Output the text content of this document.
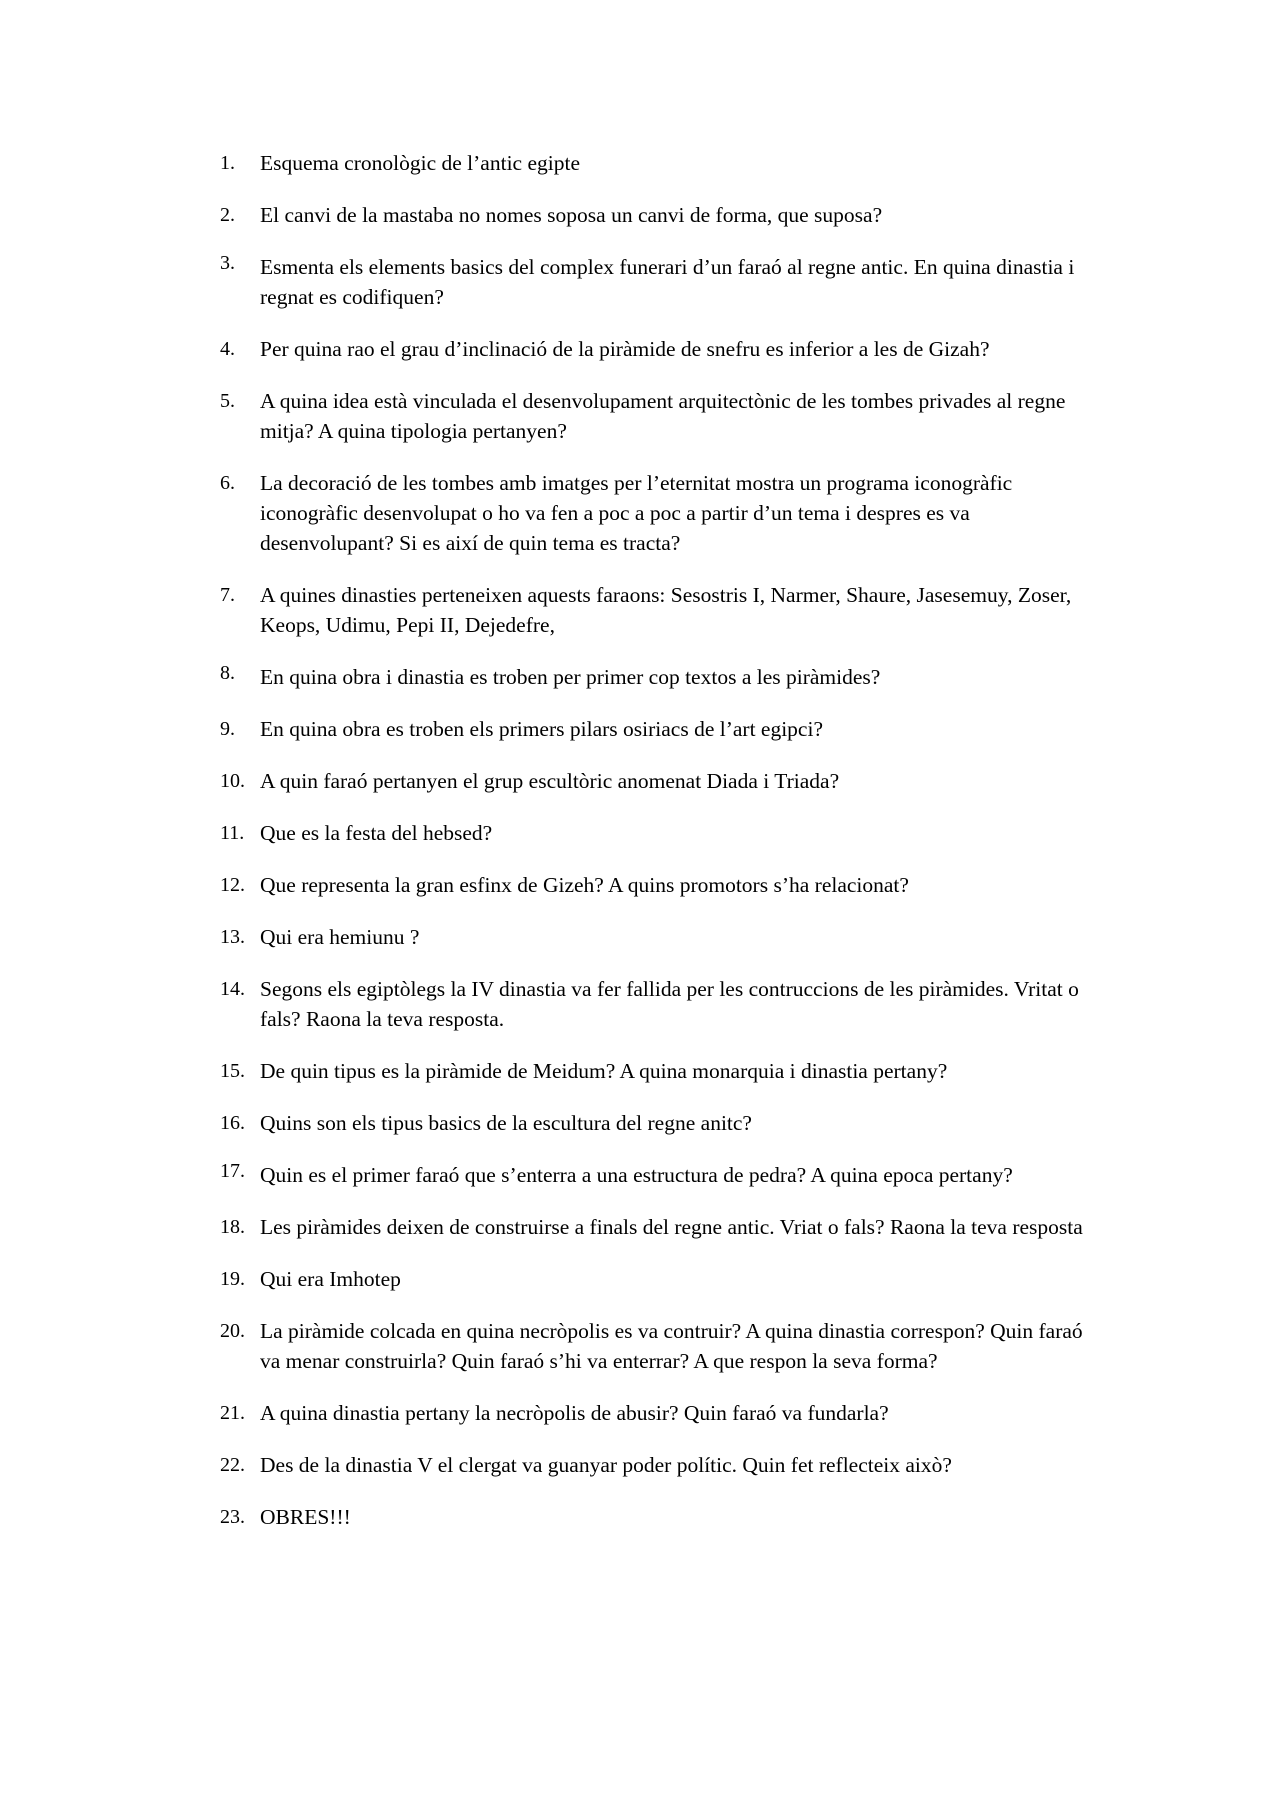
1. Esquema cronològic de l’antic egipte
2. El canvi de la mastaba no nomes soposa un canvi de forma, que suposa?
3. Esmenta els elements basics del complex funerari d’un faraó al regne antic. En quina dinastia i regnat es codifiquen?
4. Per quina rao el grau d’inclinació de la piràmide de snefru es inferior a les de Gizah?
5. A quina idea està vinculada el desenvolupament arquitectònic de les tombes privades al regne mitja? A quina tipologia pertanyen?
6. La decoració de les tombes amb imatges per l’eternitat mostra un programa iconogràfic iconogràfic desenvolupat o ho va fen a poc a poc a partir d’un tema i despres es va desenvolupant? Si es així de quin tema es tracta?
7. A quines dinasties perteneixen aquests faraons: Sesostris I, Narmer, Shaure, Jasesemuy, Zoser, Keops, Udimu, Pepi II, Dejedefre,
8. En quina obra i dinastia es troben per primer cop textos a les piràmides?
9. En quina obra es troben els primers pilars osiriacs de l’art egipci?
10. A quin faraó pertanyen el grup escultòric anomenat Diada i Triada?
11. Que es la festa del hebsed?
12. Que representa la gran esfinx de Gizeh? A quins promotors s’ha relacionat?
13. Qui era hemiunu ?
14. Segons els egiptòlegs la IV dinastia va fer fallida per les contruccions de les piràmides. Vritat o fals? Raona la teva resposta.
15. De quin tipus es la piràmide de Meidum? A quina monarquia i dinastia pertany?
16. Quins son els tipus basics de la escultura del regne anitc?
17. Quin es el primer faraó que s’enterra a una estructura de pedra? A quina epoca pertany?
18. Les piràmides deixen de construirse a finals del regne antic. Vriat o fals? Raona la teva resposta
19. Qui era Imhotep
20. La piràmide colcada en quina necròpolis es va contruir? A quina dinastia correspon? Quin faraó va menar construirla? Quin faraó s’hi va enterrar? A que respon la seva forma?
21. A quina dinastia pertany la necròpolis de abusir? Quin faraó va fundarla?
22. Des de la dinastia V el clergat va guanyar poder polític. Quin fet reflecteix això?
23. OBRES!!!
